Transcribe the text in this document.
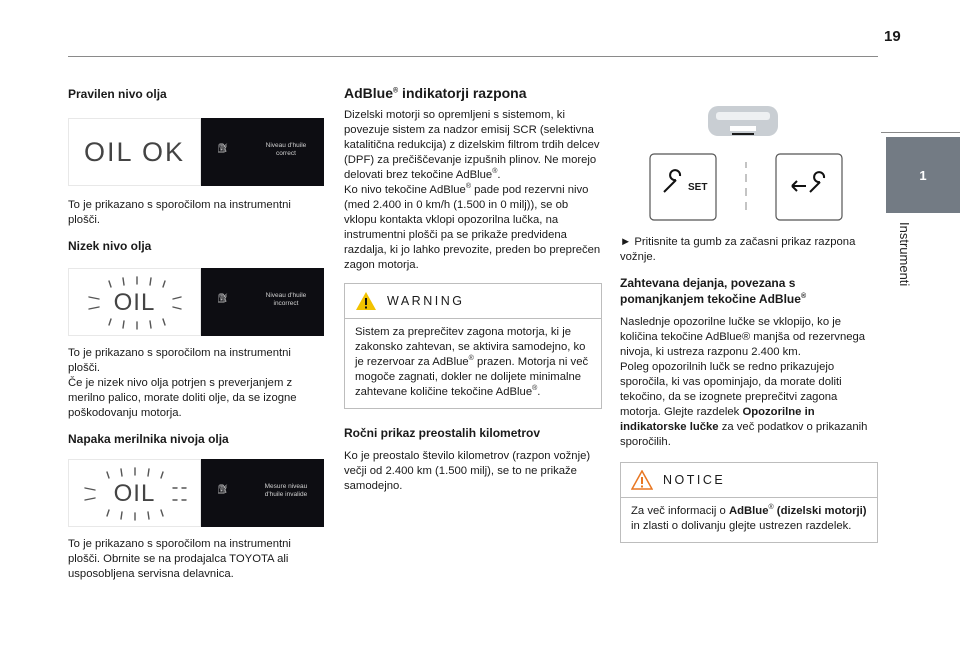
19
1
Instrumenti
Pravilen nivo olja
OIL OK	⛽︎	Niveau d'huile
correct

To je prikazano s sporočilom na instrumentni plošči.

Nizek nivo olja
OIL	⛽︎	Niveau d'huile
incorrect

To je prikazano s sporočilom na instrumentni plošči.

Če je nizek nivo olja potrjen s preverjanjem z merilno palico, morate doliti olje, da se izogne poškodovanju motorja.

Napaka merilnika nivoja olja
OIL	⛽︎	Mesure niveau
d'huile invalide

To je prikazano s sporočilom na instrumentni plošči. Obrnite se na prodajalca TOYOTA ali usposobljena servisna delavnica.

AdBlue® indikatorji razpona

Dizelski motorji so opremljeni s sistemom, ki povezuje sistem za nadzor emisij SCR (selektivna katalitična redukcija) z dizelskim filtrom trdih delcev (DPF) za prečiščevanje izpušnih plinov. Ne morejo delovati brez tekočine AdBlue®.

Ko nivo tekočine AdBlue® pade pod rezervni nivo (med 2.400 in 0 km/h (1.500 in 0 milj)), se ob vklopu kontakta vklopi opozorilna lučka, na instrumentni plošči pa se prikaže predvidena razdalja, ki jo lahko prevozite, preden bo preprečen zagon motorja.

WARNING
Sistem za preprečitev zagona motorja, ki je zakonsko zahtevan, se aktivira samodejno, ko je rezervoar za AdBlue® prazen. Motorja ni več mogoče zagnati, dokler ne dolijete minimalne zahtevane količine tekočine AdBlue®.
Ročni prikaz preostalih kilometrov

Ko je preostalo število kilometrov (razpon vožnje) večji od 2.400 km (1.500 milj), se to ne prikaže samodejno.

SET

► Pritisnite ta gumb za začasni prikaz razpona vožnje.

Zahtevana dejanja, povezana s pomanjkanjem tekočine AdBlue®

Naslednje opozorilne lučke se vklopijo, ko je količina tekočine AdBlue® manjša od rezervnega nivoja, ki ustreza razponu 2.400 km.

Poleg opozorilnih lučk se redno prikazujejo sporočila, ki vas opominjajo, da morate doliti tekočino, da se izognete preprečitvi zagona motorja. Glejte razdelek Opozorilne in indikatorske lučke za več podatkov o prikazanih sporočilih.

NOTICE
Za več informacij o AdBlue® (dizelski motorji) in zlasti o dolivanju glejte ustrezen razdelek.
